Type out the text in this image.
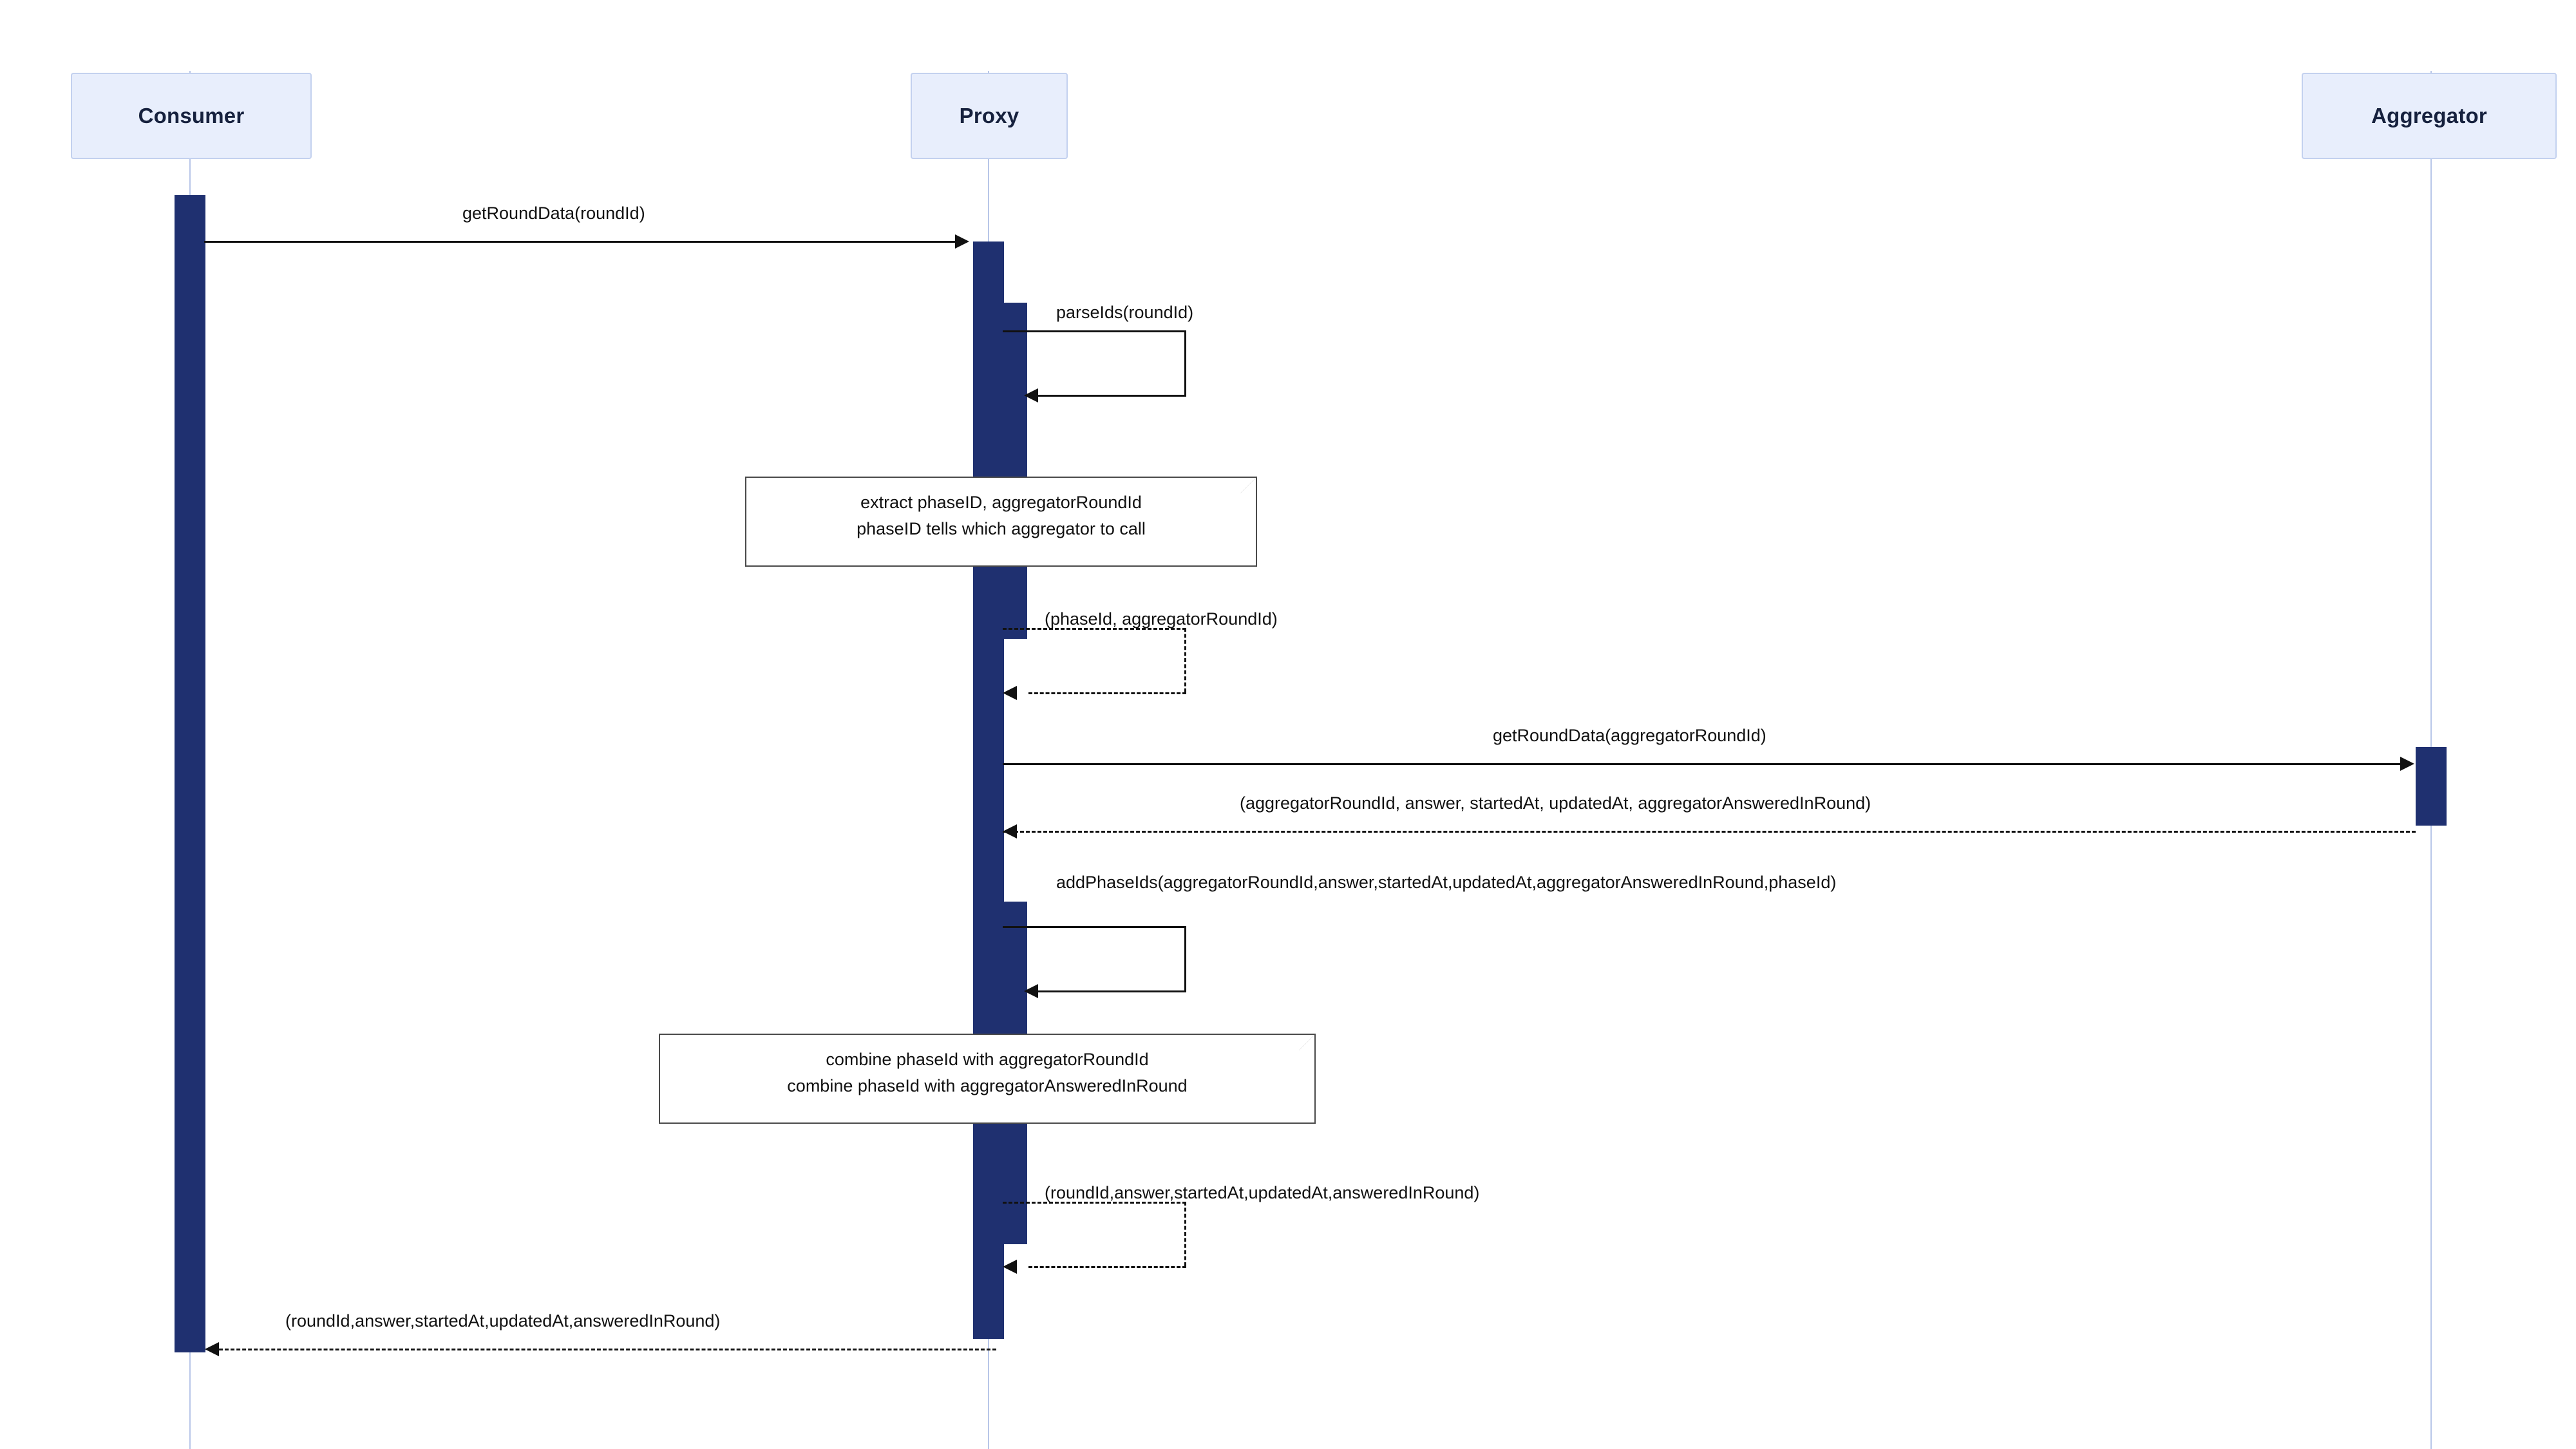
Consumer	Proxy	Aggregator
getRoundData(roundId)
parseIds(roundId)
extract phaseID, aggregatorRoundId
phaseID tells which aggregator to call
(phaseId, aggregatorRoundId)
getRoundData(aggregatorRoundId)
(aggregatorRoundId, answer, startedAt, updatedAt, aggregatorAnsweredInRound)
addPhaseIds(aggregatorRoundId,answer,startedAt,updatedAt,aggregatorAnsweredInRound,phaseId)
combine phaseId with aggregatorRoundId
combine phaseId with aggregatorAnsweredInRound
(roundId,answer,startedAt,updatedAt,answeredInRound)
(roundId,answer,startedAt,updatedAt,answeredInRound)
